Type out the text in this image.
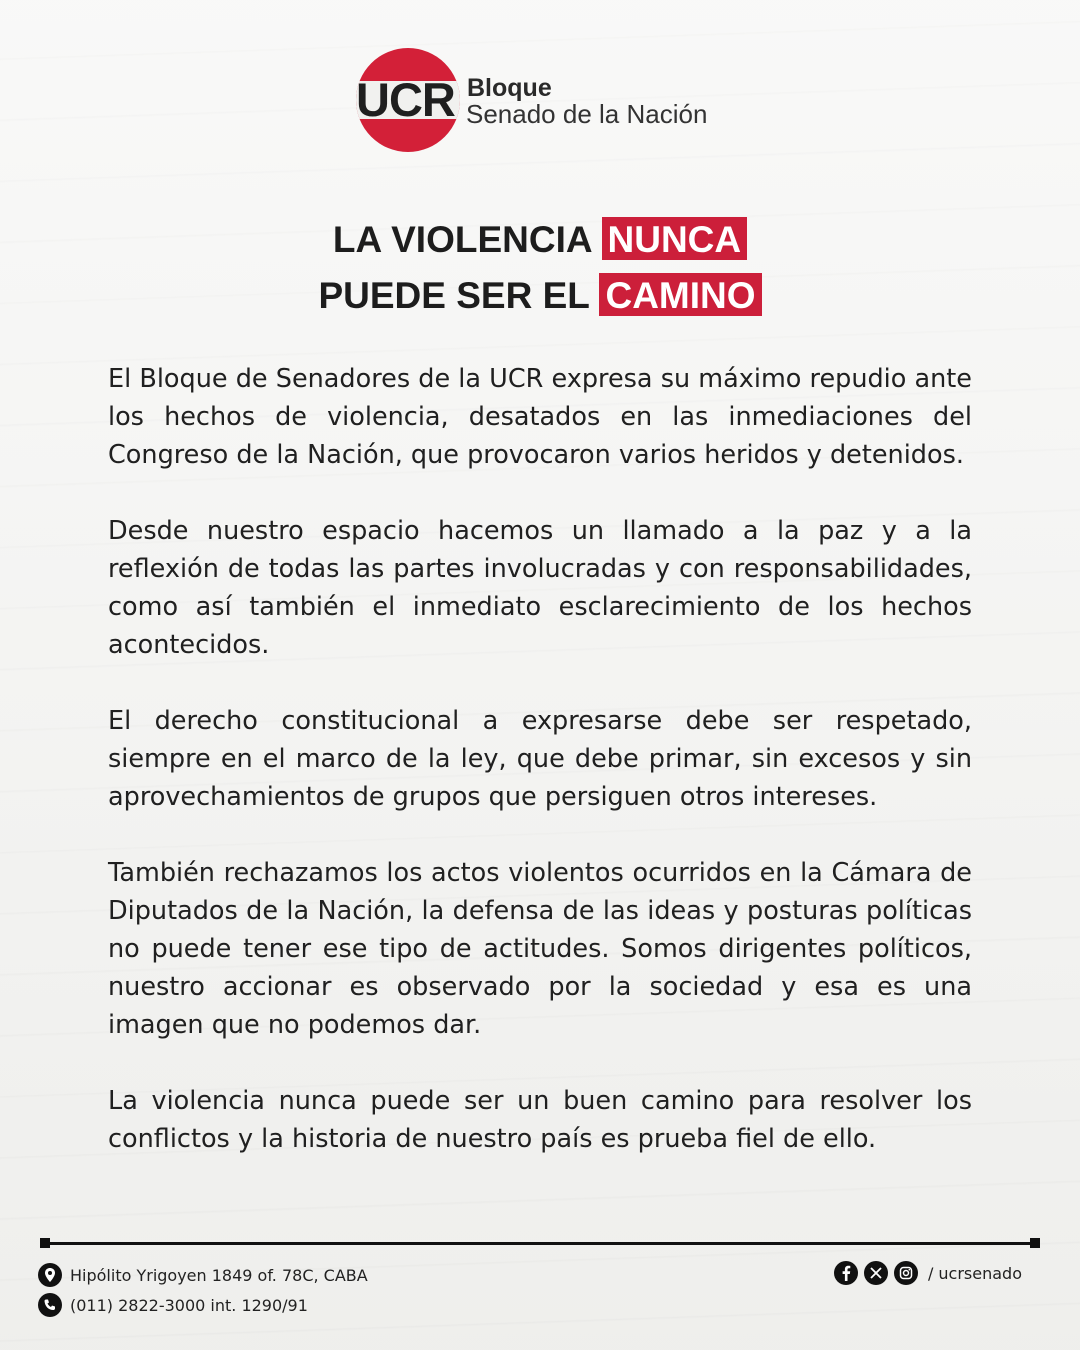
UCR Bloque
Senado de la Nación
LA VIOLENCIA NUNCA
PUEDE SER EL CAMINO

El Bloque de Senadores de la UCR expresa su máximo repudio ante los hechos de violencia, desatados en las inmediaciones del Congreso de la Nación, que provocaron varios heridos y detenidos.

Desde nuestro espacio hacemos un llamado a la paz y a la reflexión de todas las partes involucradas y con responsabilidades, como así también el inmediato esclarecimiento de los hechos acontecidos.

El derecho constitucional a expresarse debe ser respetado, siempre en el marco de la ley, que debe primar, sin excesos y sin aprovechamientos de grupos que persiguen otros intereses.

También rechazamos los actos violentos ocurridos en la Cámara de Diputados de la Nación, la defensa de las ideas y posturas políticas no puede tener ese tipo de actitudes. Somos dirigentes políticos, nuestro accionar es observado por la sociedad y esa es una imagen que no podemos dar.

La violencia nunca puede ser un buen camino para resolver los conflictos y la historia de nuestro país es prueba fiel de ello.

Hipólito Yrigoyen 1849 of. 78C, CABA
(011) 2822-3000 int. 1290/91
/ ucrsenado
